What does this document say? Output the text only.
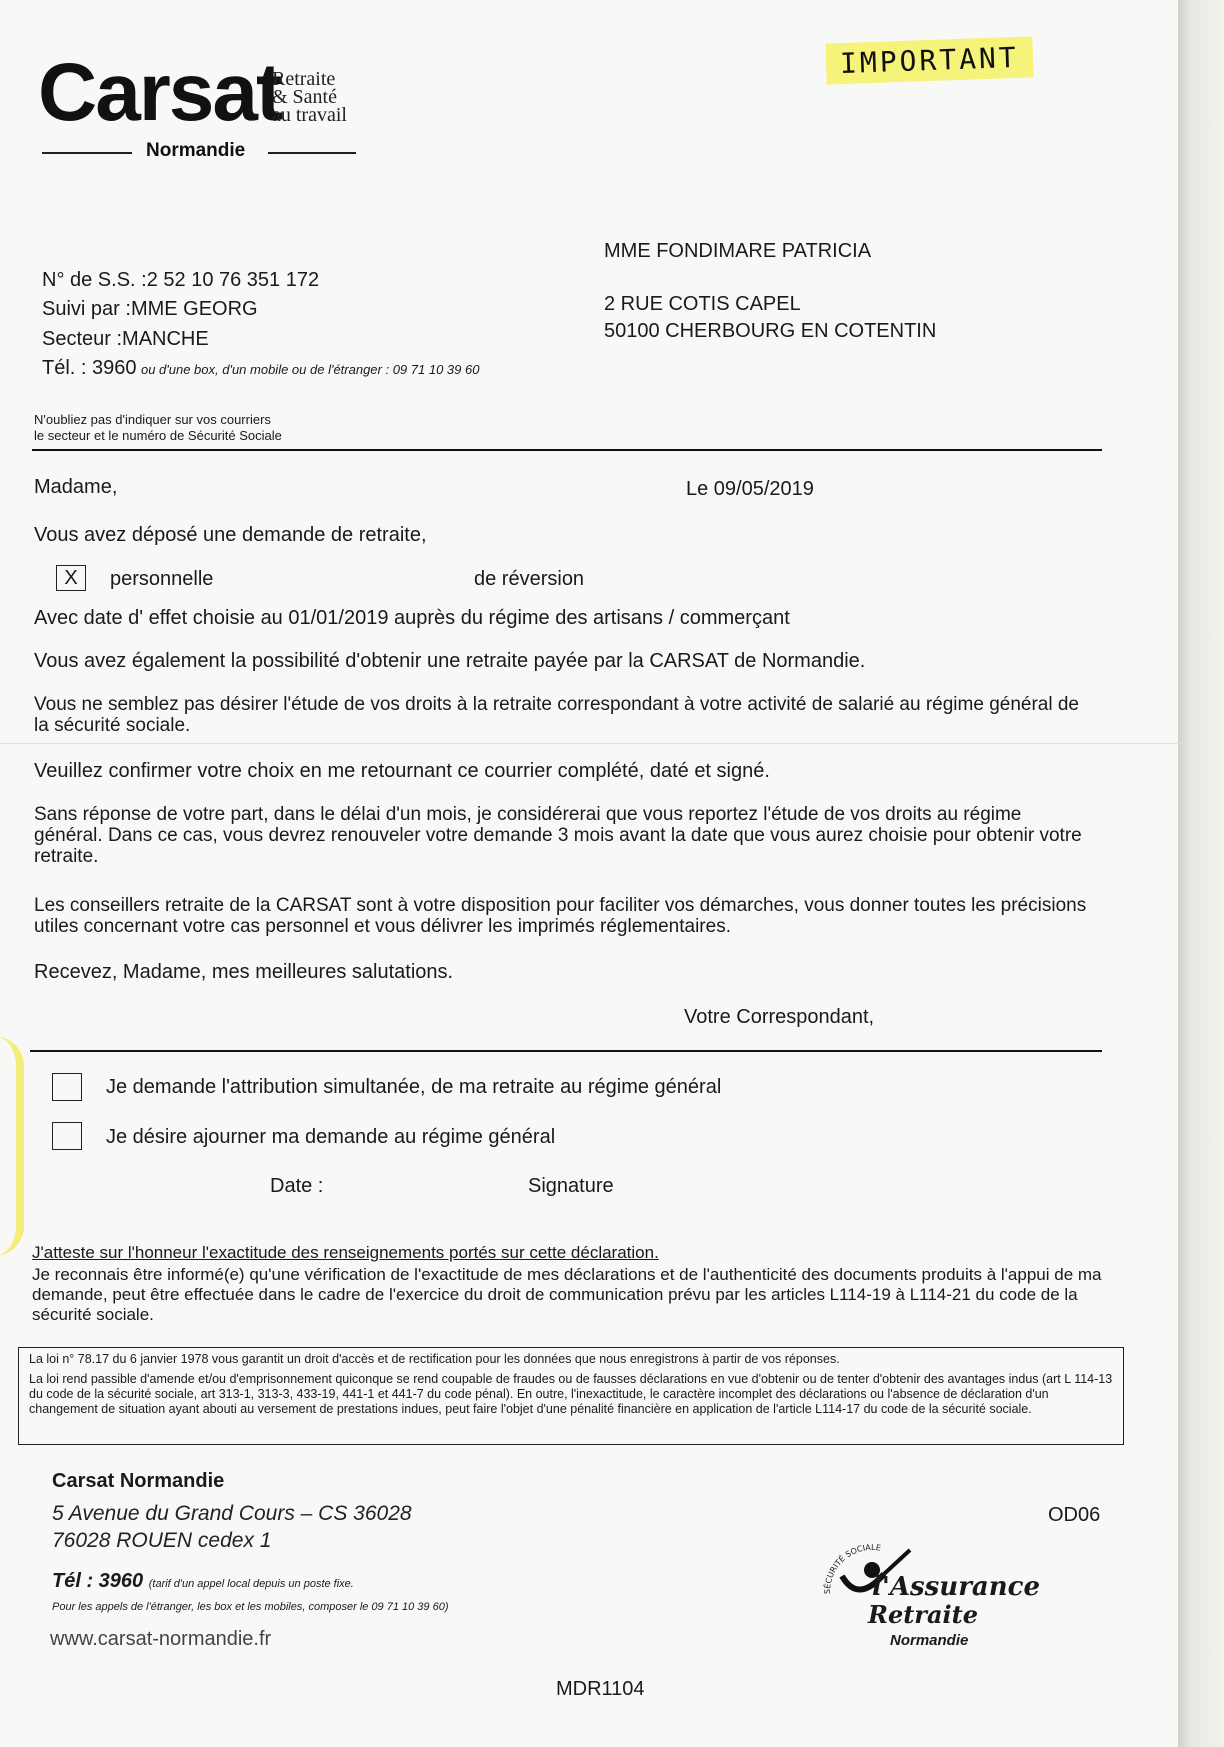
Carsat
Retraite
& Santé
au travail
Normandie
IMPORTANT
MME FONDIMARE PATRICIA
2 RUE COTIS CAPEL
50100 CHERBOURG EN COTENTIN
N° de S.S. :2 52 10 76 351 172
Suivi par :MME GEORG
Secteur :MANCHE
Tél. : 3960 ou d'une box, d'un mobile ou de l'étranger : 09 71 10 39 60
N'oubliez pas d'indiquer sur vos courriers
le secteur et le numéro de Sécurité Sociale
Madame,	Le 09/05/2019
Vous avez déposé une demande de retraite,
X	personnelle	de réversion
Avec date d' effet choisie au 01/01/2019 auprès du régime des artisans / commerçant
Vous avez également la possibilité d'obtenir une retraite payée par la CARSAT de Normandie.
Vous ne semblez pas désirer l'étude de vos droits à la retraite correspondant à votre activité de salarié au régime général de la sécurité sociale.
Veuillez confirmer votre choix en me retournant ce courrier complété, daté et signé.
Sans réponse de votre part, dans le délai d'un mois, je considérerai que vous reportez l'étude de vos droits au régime général. Dans ce cas, vous devrez renouveler votre demande 3 mois avant la date que vous aurez choisie pour obtenir votre retraite.
Les conseillers retraite de la CARSAT sont à votre disposition pour faciliter vos démarches, vous donner toutes les précisions utiles concernant votre cas personnel et vous délivrer les imprimés réglementaires.
Recevez, Madame, mes meilleures salutations.
Votre Correspondant,
Je demande l'attribution simultanée, de ma retraite au régime général
Je désire ajourner ma demande au régime général
Date :	Signature
J'atteste sur l'honneur l'exactitude des renseignements portés sur cette déclaration.
Je reconnais être informé(e) qu'une vérification de l'exactitude de mes déclarations et de l'authenticité des documents produits à l'appui de ma demande, peut être effectuée dans le cadre de l'exercice du droit de communication prévu par les articles L114-19 à L114-21 du code de la sécurité sociale.

La loi n° 78.17 du 6 janvier 1978 vous garantit un droit d'accès et de rectification pour les données que nous enregistrons à partir de vos réponses.

La loi rend passible d'amende et/ou d'emprisonnement quiconque se rend coupable de fraudes ou de fausses déclarations en vue d'obtenir ou de tenter d'obtenir des avantages indus (art L 114-13 du code de la sécurité sociale, art 313-1, 313-3, 433-19, 441-1 et 441-7 du code pénal). En outre, l'inexactitude, le caractère incomplet des déclarations ou l'absence de déclaration d'un changement de situation ayant abouti au versement de prestations indues, peut faire l'objet d'une pénalité financière en application de l'article L114-17 du code de la sécurité sociale.

Carsat Normandie
5 Avenue du Grand Cours – CS 36028
76028 ROUEN cedex 1
Tél : 3960 (tarif d'un appel local depuis un poste fixe.
Pour les appels de l'étranger, les box et les mobiles, composer le 09 71 10 39 60)
www.carsat-normandie.fr
OD06
MDR1104
SÉCURITÉ SOCIALE
l'Assurance
Retraite
Normandie
